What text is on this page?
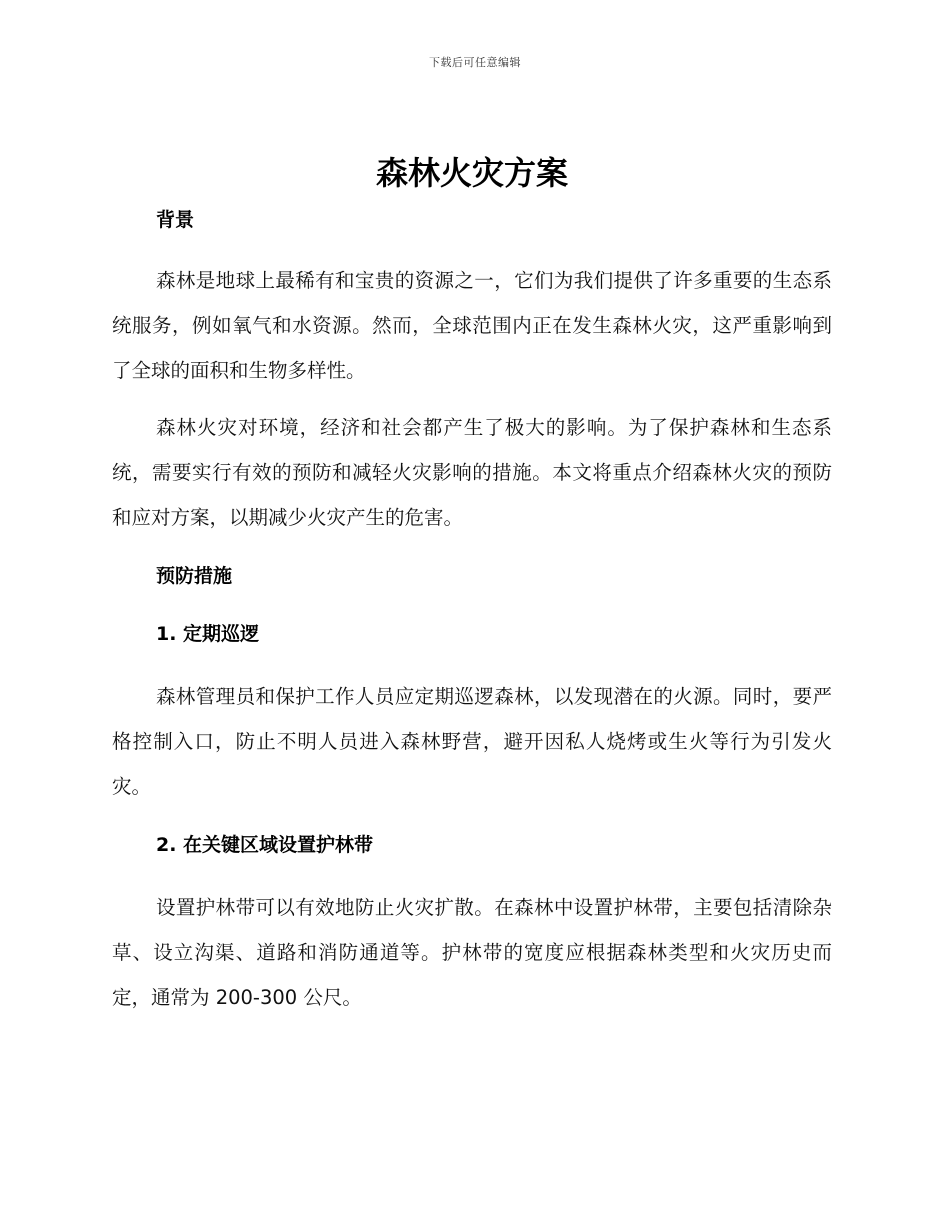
下载后可任意编辑
森林火灾方案
背景

森林是地球上最稀有和宝贵的资源之一，它们为我们提供了许多重要的生态系统服务，例如氧气和水资源。然而，全球范围内正在发生森林火灾，这严重影响到了全球的面积和生物多样性。

森林火灾对环境，经济和社会都产生了极大的影响。为了保护森林和生态系统，需要实行有效的预防和减轻火灾影响的措施。本文将重点介绍森林火灾的预防和应对方案，以期减少火灾产生的危害。

预防措施
1. 定期巡逻

森林管理员和保护工作人员应定期巡逻森林，以发现潜在的火源。同时，要严格控制入口，防止不明人员进入森林野营，避开因私人烧烤或生火等行为引发火灾。

2. 在关键区域设置护林带

设置护林带可以有效地防止火灾扩散。在森林中设置护林带，主要包括清除杂草、设立沟渠、道路和消防通道等。护林带的宽度应根据森林类型和火灾历史而定，通常为 200-300 公尺。
